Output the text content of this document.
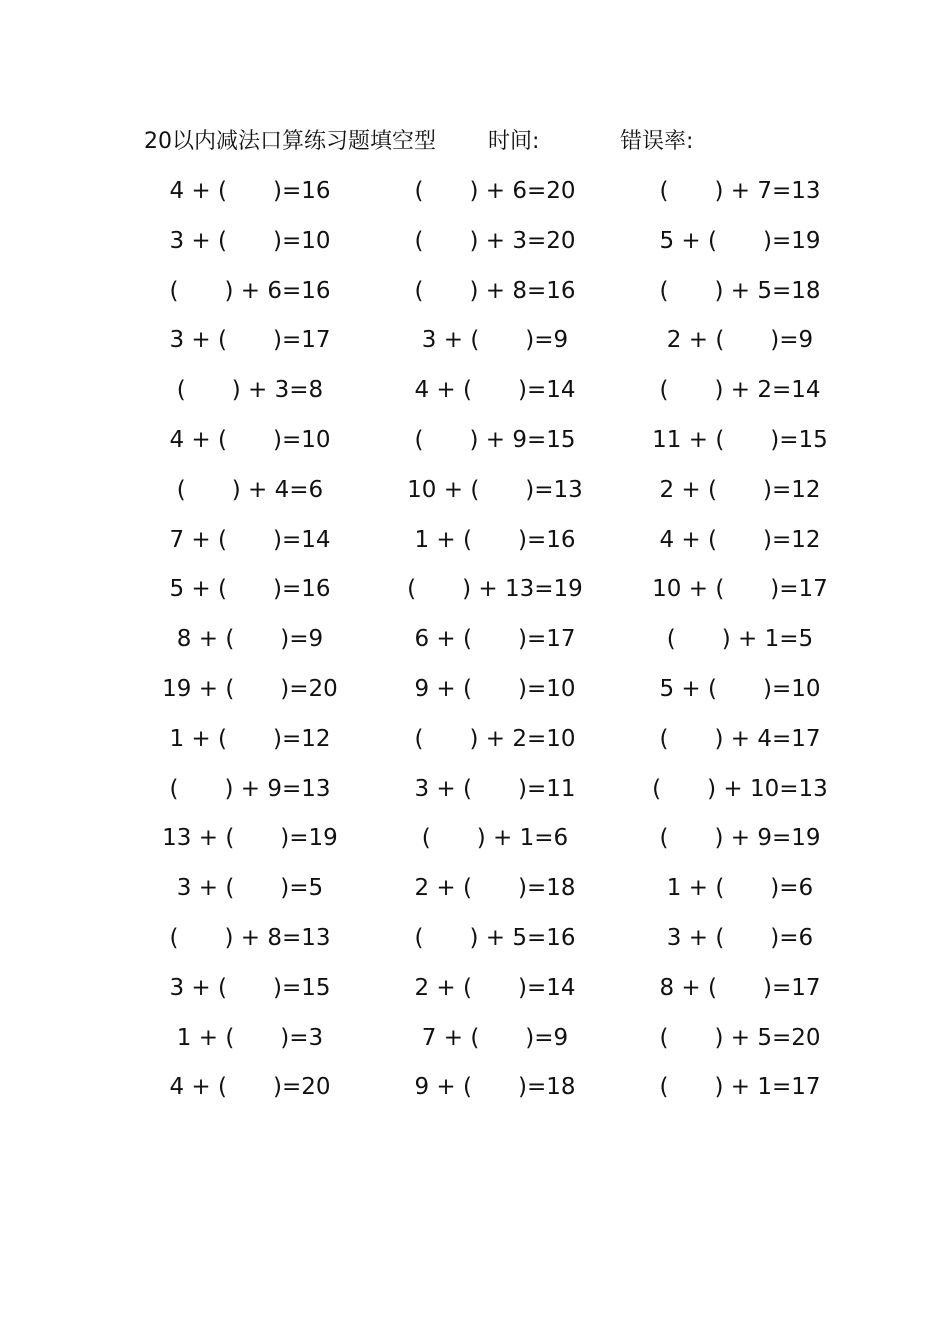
20以内减法口算练习题填空型 时间:	错误率:
4 + (　　)=16	(　　) + 6=20	(　　) + 7=13
3 + (　　)=10	(　　) + 3=20	5 + (　　)=19
(　　) + 6=16	(　　) + 8=16	(　　) + 5=18
3 + (　　)=17	3 + (　　)=9	2 + (　　)=9
(　　) + 3=8	4 + (　　)=14	(　　) + 2=14
4 + (　　)=10	(　　) + 9=15	11 + (　　)=15
(　　) + 4=6	10 + (　　)=13	2 + (　　)=12
7 + (　　)=14	1 + (　　)=16	4 + (　　)=12
5 + (　　)=16	(　　) + 13=19	10 + (　　)=17
8 + (　　)=9	6 + (　　)=17	(　　) + 1=5
19 + (　　)=20	9 + (　　)=10	5 + (　　)=10
1 + (　　)=12	(　　) + 2=10	(　　) + 4=17
(　　) + 9=13	3 + (　　)=11	(　　) + 10=13
13 + (　　)=19	(　　) + 1=6	(　　) + 9=19
3 + (　　)=5	2 + (　　)=18	1 + (　　)=6
(　　) + 8=13	(　　) + 5=16	3 + (　　)=6
3 + (　　)=15	2 + (　　)=14	8 + (　　)=17
1 + (　　)=3	7 + (　　)=9	(　　) + 5=20
4 + (　　)=20	9 + (　　)=18	(　　) + 1=17
